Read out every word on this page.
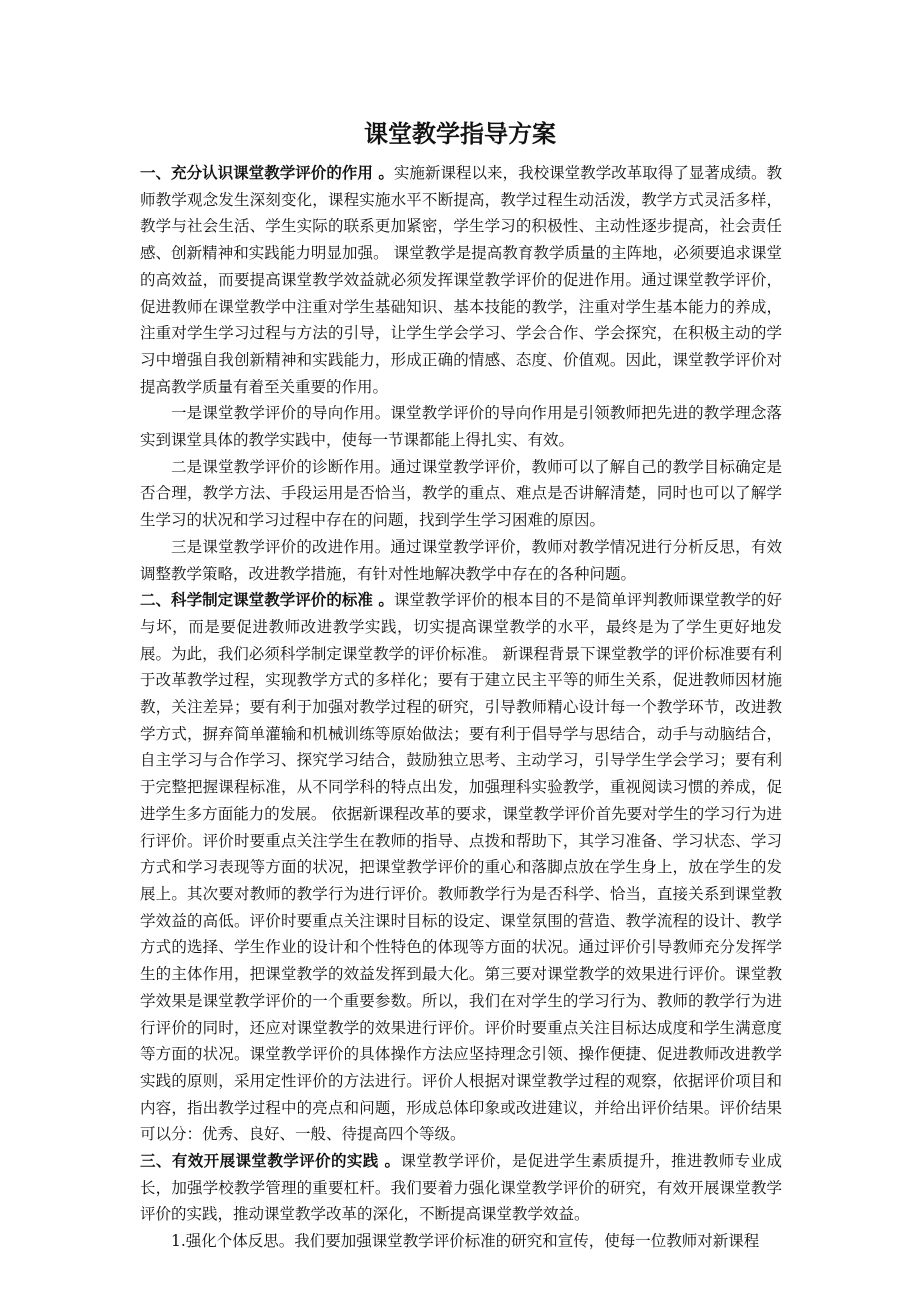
课堂教学指导方案

一、充分认识课堂教学评价的作用 。实施新课程以来，我校课堂教学改革取得了显著成绩。教师教学观念发生深刻变化，课程实施水平不断提高，教学过程生动活泼，教学方式灵活多样，教学与社会生活、学生实际的联系更加紧密，学生学习的积极性、主动性逐步提高，社会责任感、创新精神和实践能力明显加强。 课堂教学是提高教育教学质量的主阵地，必须要追求课堂的高效益，而要提高课堂教学效益就必须发挥课堂教学评价的促进作用。通过课堂教学评价，促进教师在课堂教学中注重对学生基础知识、基本技能的教学，注重对学生基本能力的养成，注重对学生学习过程与方法的引导，让学生学会学习、学会合作、学会探究，在积极主动的学习中增强自我创新精神和实践能力，形成正确的情感、态度、价值观。因此，课堂教学评价对提高教学质量有着至关重要的作用。

一是课堂教学评价的导向作用。课堂教学评价的导向作用是引领教师把先进的教学理念落实到课堂具体的教学实践中，使每一节课都能上得扎实、有效。

二是课堂教学评价的诊断作用。通过课堂教学评价，教师可以了解自己的教学目标确定是否合理，教学方法、手段运用是否恰当，教学的重点、难点是否讲解清楚，同时也可以了解学生学习的状况和学习过程中存在的问题，找到学生学习困难的原因。

三是课堂教学评价的改进作用。通过课堂教学评价，教师对教学情况进行分析反思，有效调整教学策略，改进教学措施，有针对性地解决教学中存在的各种问题。

二、科学制定课堂教学评价的标准 。课堂教学评价的根本目的不是简单评判教师课堂教学的好与坏，而是要促进教师改进教学实践，切实提高课堂教学的水平，最终是为了学生更好地发展。为此，我们必须科学制定课堂教学的评价标准。 新课程背景下课堂教学的评价标准要有利于改革教学过程，实现教学方式的多样化；要有于建立民主平等的师生关系，促进教师因材施教，关注差异；要有利于加强对教学过程的研究，引导教师精心设计每一个教学环节，改进教学方式，摒弃简单灌输和机械训练等原始做法；要有利于倡导学与思结合，动手与动脑结合，自主学习与合作学习、探究学习结合，鼓励独立思考、主动学习，引导学生学会学习；要有利于完整把握课程标准，从不同学科的特点出发，加强理科实验教学，重视阅读习惯的养成，促进学生多方面能力的发展。 依据新课程改革的要求，课堂教学评价首先要对学生的学习行为进行评价。评价时要重点关注学生在教师的指导、点拨和帮助下，其学习准备、学习状态、学习方式和学习表现等方面的状况，把课堂教学评价的重心和落脚点放在学生身上，放在学生的发展上。其次要对教师的教学行为进行评价。教师教学行为是否科学、恰当，直接关系到课堂教学效益的高低。评价时要重点关注课时目标的设定、课堂氛围的营造、教学流程的设计、教学方式的选择、学生作业的设计和个性特色的体现等方面的状况。通过评价引导教师充分发挥学生的主体作用，把课堂教学的效益发挥到最大化。第三要对课堂教学的效果进行评价。课堂教学效果是课堂教学评价的一个重要参数。所以，我们在对学生的学习行为、教师的教学行为进行评价的同时，还应对课堂教学的效果进行评价。评价时要重点关注目标达成度和学生满意度等方面的状况。课堂教学评价的具体操作方法应坚持理念引领、操作便捷、促进教师改进教学实践的原则，采用定性评价的方法进行。评价人根据对课堂教学过程的观察，依据评价项目和内容，指出教学过程中的亮点和问题，形成总体印象或改进建议，并给出评价结果。评价结果可以分：优秀、良好、一般、待提高四个等级。

三、有效开展课堂教学评价的实践 。课堂教学评价，是促进学生素质提升，推进教师专业成长，加强学校教学管理的重要杠杆。我们要着力强化课堂教学评价的研究，有效开展课堂教学评价的实践，推动课堂教学改革的深化，不断提高课堂教学效益。

1.强化个体反思。我们要加强课堂教学评价标准的研究和宣传，使每一位教师对新课程
